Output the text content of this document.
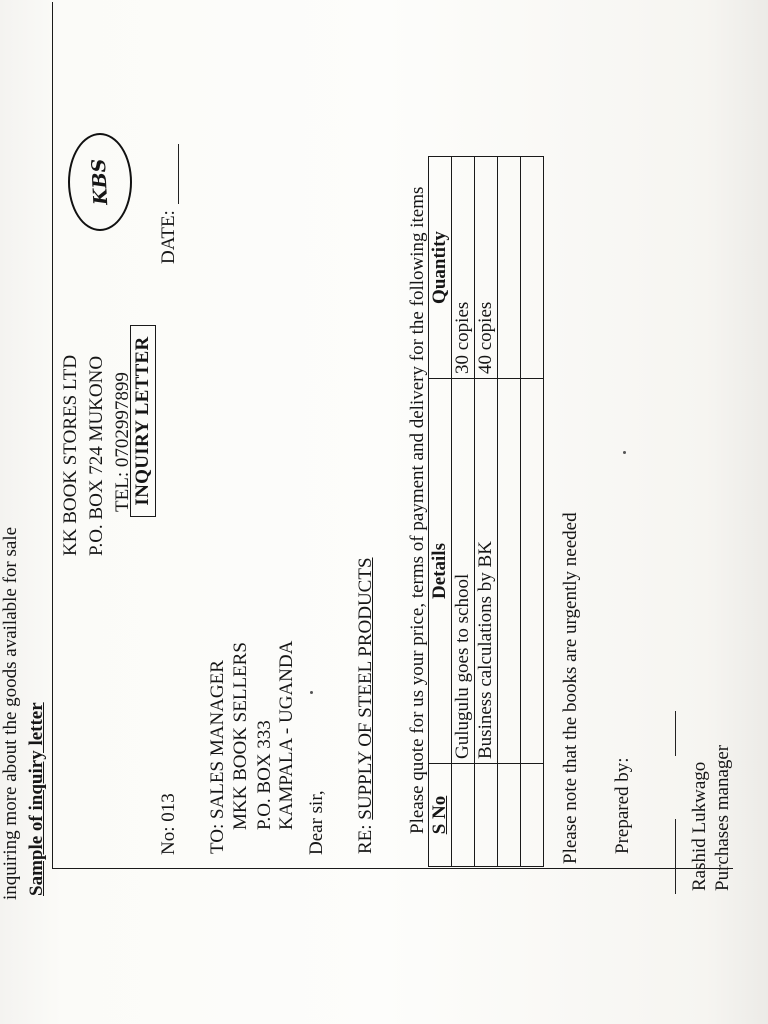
inquiring more about the goods available for sale Sample of inquiry letter
KK BOOK STORES LTD P.O. BOX 724 MUKONO TEL: 0702997899 INQUIRY LETTER
KBS
No: 013
DATE:
TO: SALES MANAGER MKK BOOK SELLERS P.O. BOX 333 KAMPALA - UGANDA Dear sir, RE: SUPPLY OF STEEL PRODUCTS Please quote for us your price, terms of payment and delivery for the following items S No	Details	Quantity
	Gulugulu goes to school	30 copies
	Business calculations by BK	40 copies

Please note that the books are urgently needed Prepared by:	Rashid Lukwago Purchases manager
